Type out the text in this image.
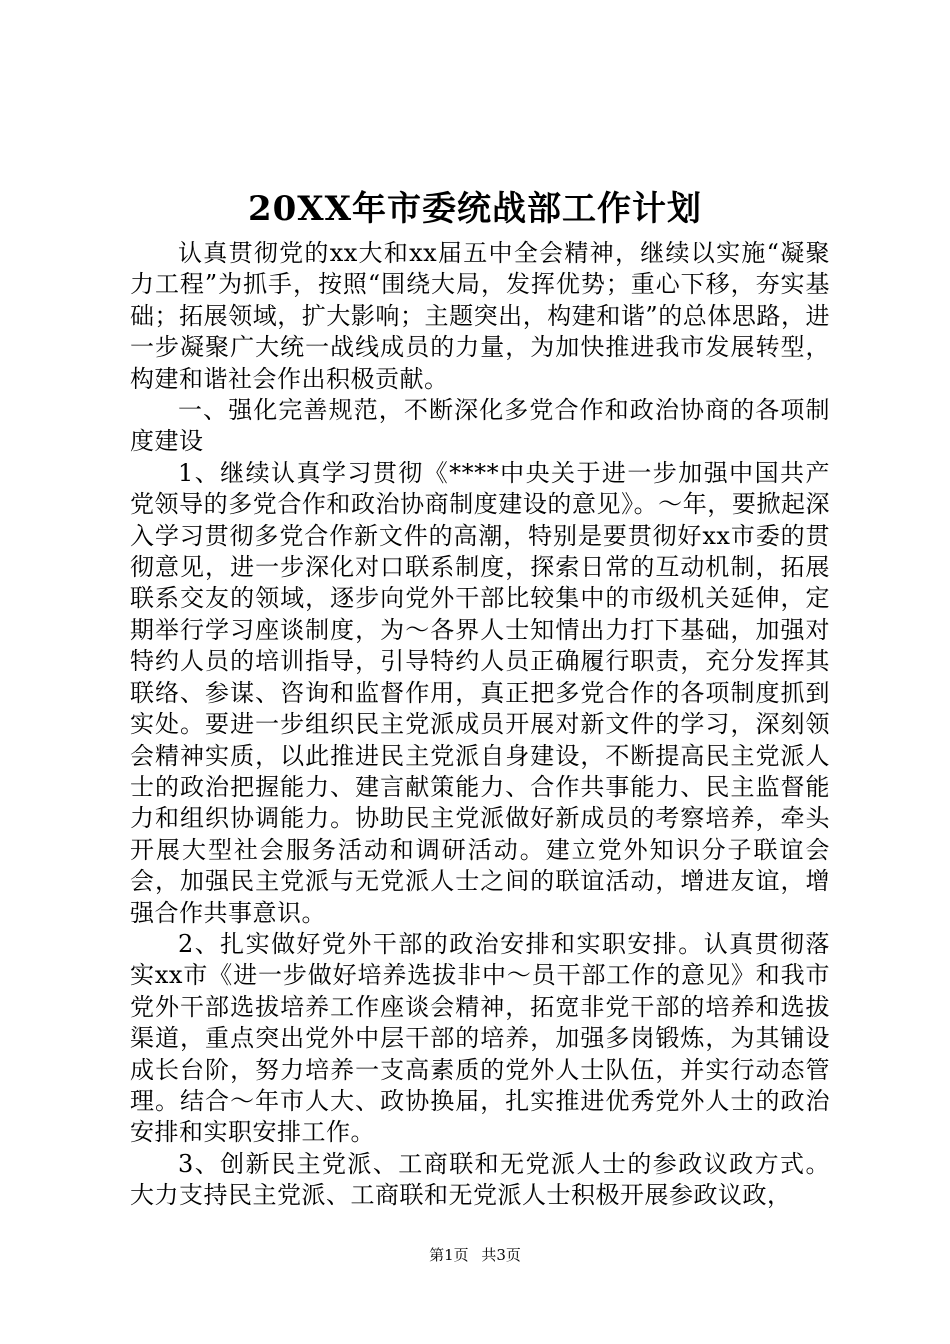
20XX年市委统战部工作计划

认真贯彻党的xx大和xx届五中全会精神，继续以实施“凝聚力工程”为抓手，按照“围绕大局，发挥优势；重心下移，夯实基础；拓展领域，扩大影响；主题突出，构建和谐”的总体思路，进一步凝聚广大统一战线成员的力量，为加快推进我市发展转型，构建和谐社会作出积极贡献。

一、强化完善规范，不断深化多党合作和政治协商的各项制度建设

1、继续认真学习贯彻《****中央关于进一步加强中国共产党领导的多党合作和政治协商制度建设的意见》。～年，要掀起深入学习贯彻多党合作新文件的高潮，特别是要贯彻好xx市委的贯彻意见，进一步深化对口联系制度，探索日常的互动机制，拓展联系交友的领域，逐步向党外干部比较集中的市级机关延伸，定期举行学习座谈制度，为～各界人士知情出力打下基础，加强对特约人员的培训指导，引导特约人员正确履行职责，充分发挥其联络、参谋、咨询和监督作用，真正把多党合作的各项制度抓到实处。要进一步组织民主党派成员开展对新文件的学习，深刻领会精神实质，以此推进民主党派自身建设，不断提高民主党派人士的政治把握能力、建言献策能力、合作共事能力、民主监督能力和组织协调能力。协助民主党派做好新成员的考察培养，牵头开展大型社会服务活动和调研活动。建立党外知识分子联谊会会，加强民主党派与无党派人士之间的联谊活动，增进友谊，增强合作共事意识。

2、扎实做好党外干部的政治安排和实职安排。认真贯彻落实xx市《进一步做好培养选拔非中～员干部工作的意见》和我市党外干部选拔培养工作座谈会精神，拓宽非党干部的培养和选拔渠道，重点突出党外中层干部的培养，加强多岗锻炼，为其铺设成长台阶，努力培养一支高素质的党外人士队伍，并实行动态管理。结合～年市人大、政协换届，扎实推进优秀党外人士的政治安排和实职安排工作。

3、创新民主党派、工商联和无党派人士的参政议政方式。大力支持民主党派、工商联和无党派人士积极开展参政议政，

第1页 共3页
